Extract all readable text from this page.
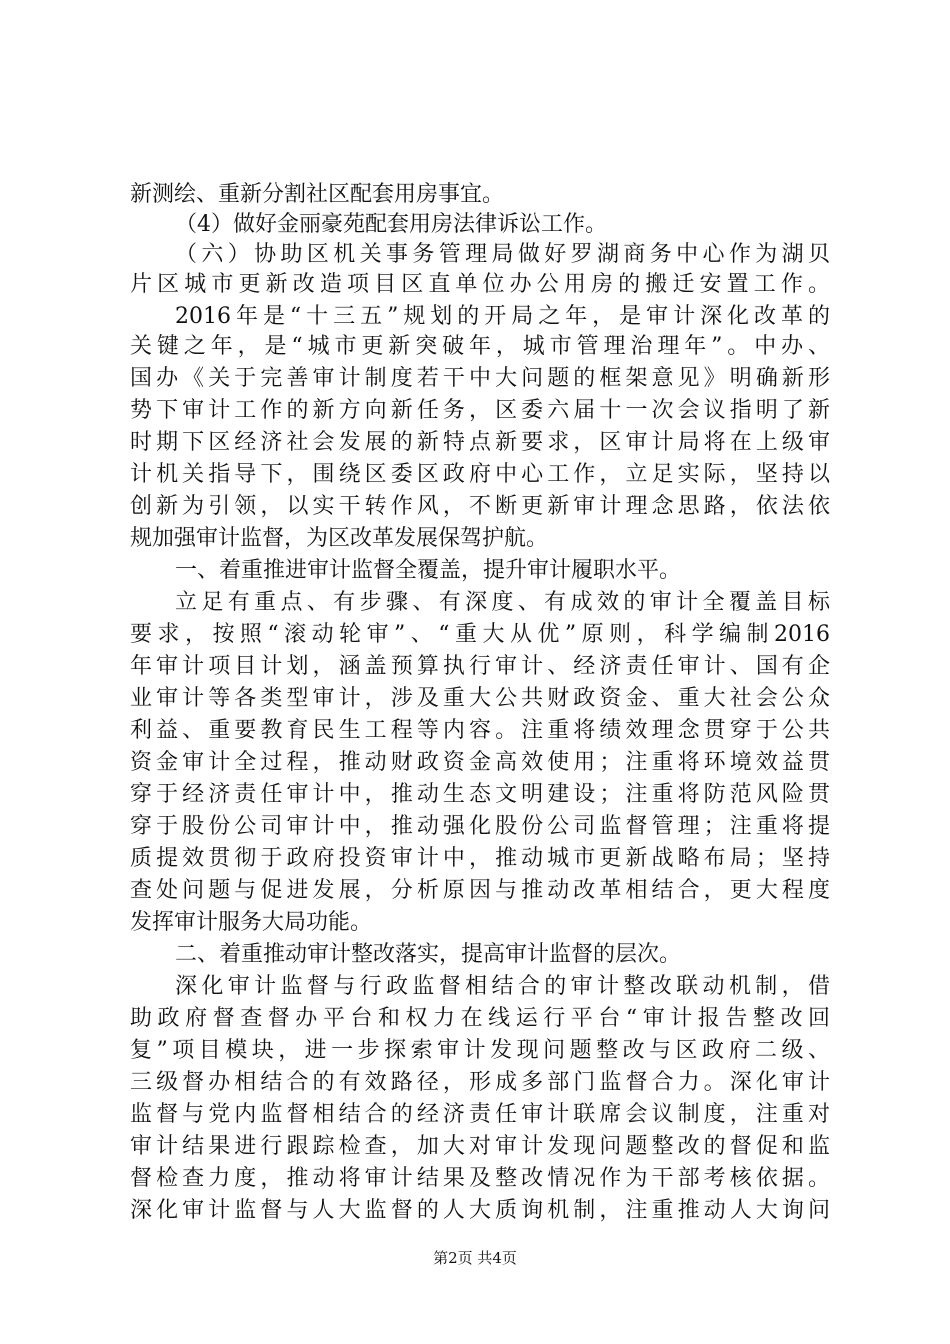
新测绘、重新分割社区配套用房事宜。
（4）做好金丽豪苑配套用房法律诉讼工作。
（六）协助区机关事务管理局做好罗湖商务中心作为湖贝
片区城市更新改造项目区直单位办公用房的搬迁安置工作。
2016年是“十三五”规划的开局之年，是审计深化改革的
关键之年，是“城市更新突破年，城市管理治理年”。中办、
国办《关于完善审计制度若干中大问题的框架意见》明确新形
势下审计工作的新方向新任务，区委六届十一次会议指明了新
时期下区经济社会发展的新特点新要求，区审计局将在上级审
计机关指导下，围绕区委区政府中心工作，立足实际，坚持以
创新为引领，以实干转作风，不断更新审计理念思路，依法依
规加强审计监督，为区改革发展保驾护航。
一、着重推进审计监督全覆盖，提升审计履职水平。
立足有重点、有步骤、有深度、有成效的审计全覆盖目标
要求，按照“滚动轮审”、“重大从优”原则，科学编制2016
年审计项目计划，涵盖预算执行审计、经济责任审计、国有企
业审计等各类型审计，涉及重大公共财政资金、重大社会公众
利益、重要教育民生工程等内容。注重将绩效理念贯穿于公共
资金审计全过程，推动财政资金高效使用；注重将环境效益贯
穿于经济责任审计中，推动生态文明建设；注重将防范风险贯
穿于股份公司审计中，推动强化股份公司监督管理；注重将提
质提效贯彻于政府投资审计中，推动城市更新战略布局；坚持
查处问题与促进发展，分析原因与推动改革相结合，更大程度
发挥审计服务大局功能。
二、着重推动审计整改落实，提高审计监督的层次。
深化审计监督与行政监督相结合的审计整改联动机制，借
助政府督查督办平台和权力在线运行平台“审计报告整改回
复”项目模块，进一步探索审计发现问题整改与区政府二级、
三级督办相结合的有效路径，形成多部门监督合力。深化审计
监督与党内监督相结合的经济责任审计联席会议制度，注重对
审计结果进行跟踪检查，加大对审计发现问题整改的督促和监
督检查力度，推动将审计结果及整改情况作为干部考核依据。
深化审计监督与人大监督的人大质询机制，注重推动人大询问
第2页 共4页
